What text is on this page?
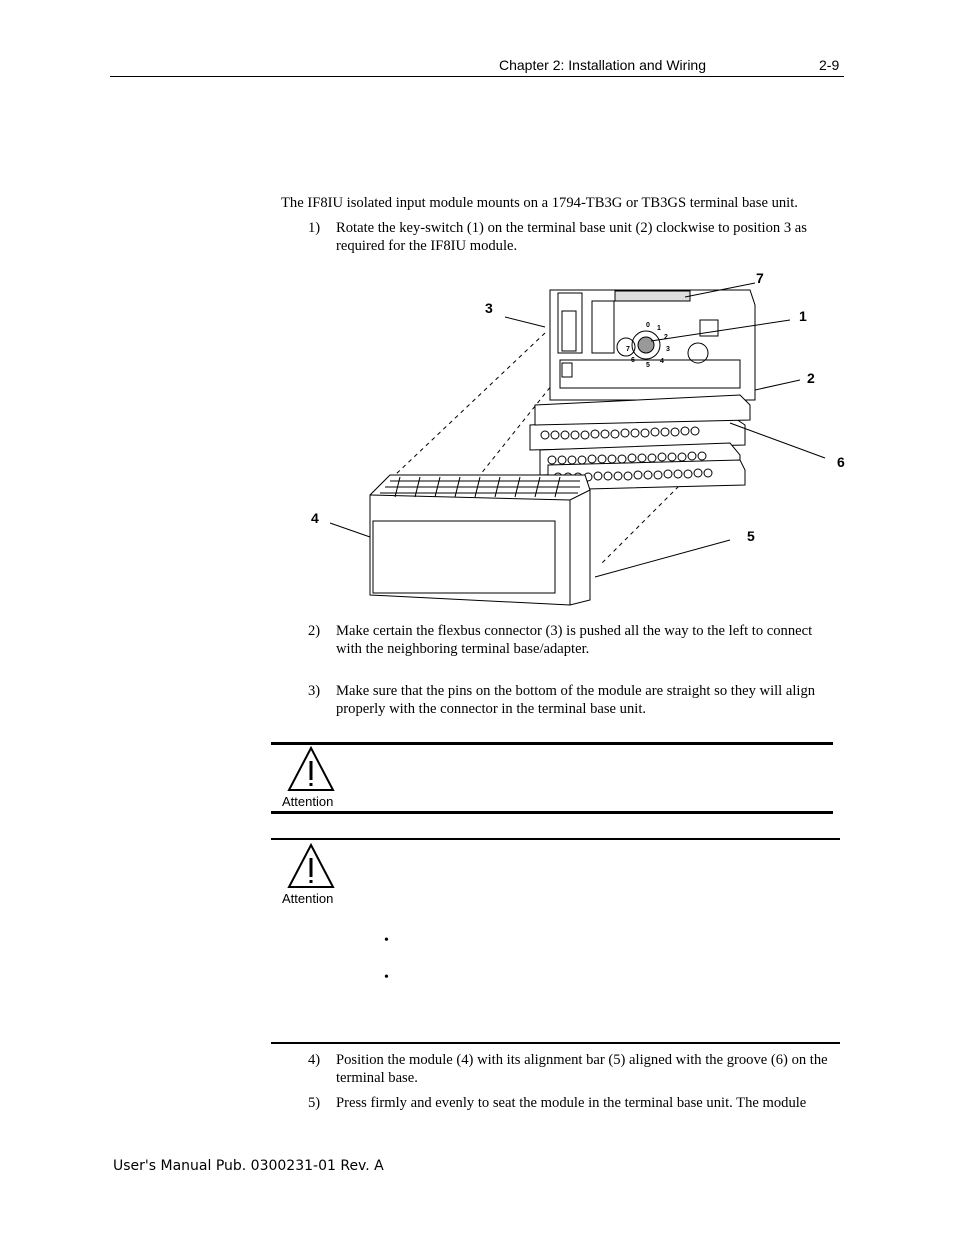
Chapter 2: Installation and Wiring	2-9
The IF8IU isolated input module mounts on a 1794-TB3G or TB3GS terminal base unit.
1) Rotate the key-switch (1) on the terminal base unit (2) clockwise to position 3 as required for the IF8IU module.
0 1
2
3
4
5
6
7
7
1
3
2
6
4
5
2) Make certain the flexbus connector (3) is pushed all the way to the left to connect with the neighboring terminal base/adapter.
3) Make sure that the pins on the bottom of the module are straight so they will align properly with the connector in the terminal base unit.
Attention
Attention
•
•
4) Position the module (4) with its alignment bar (5) aligned with the groove (6) on the terminal base.
5) Press firmly and evenly to seat the module in the terminal base unit. The module
User's Manual Pub. 0300231-01 Rev. A
